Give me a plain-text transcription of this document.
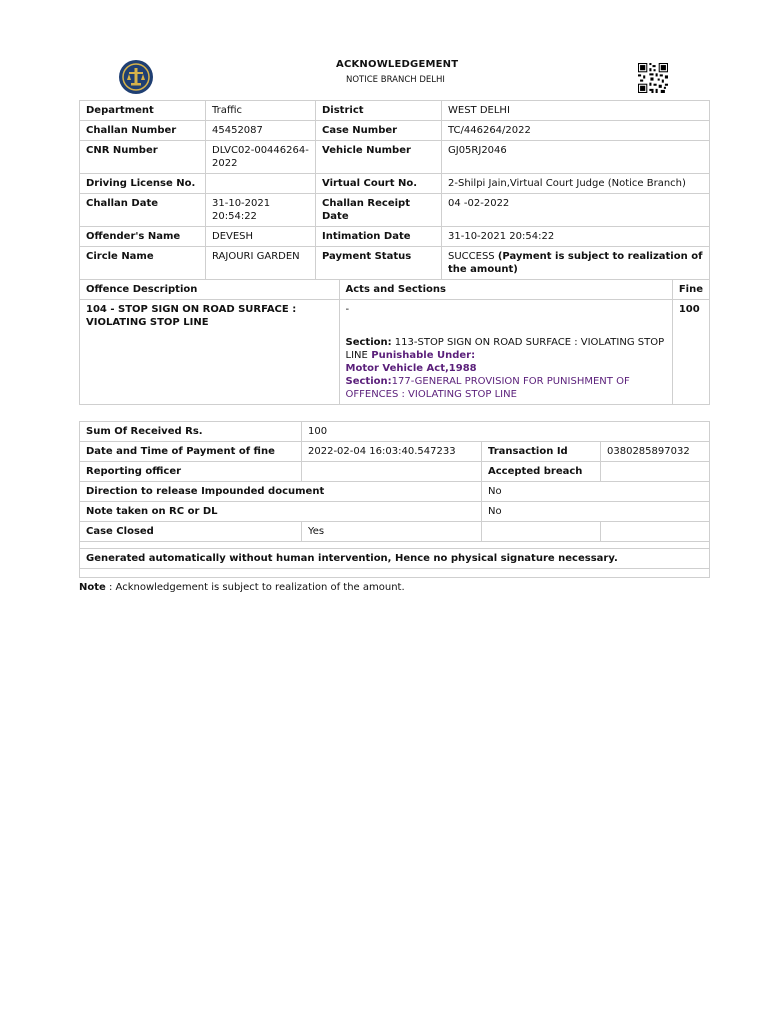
ACKNOWLEDGEMENT
NOTICE BRANCH DELHI
Department	Traffic	District	WEST DELHI
Challan Number	45452087	Case Number	TC/446264/2022
CNR Number	DLVC02-00446264-2022	Vehicle Number	GJ05RJ2046
Driving License No.		Virtual Court No.	2-Shilpi Jain,Virtual Court Judge (Notice Branch)
Challan Date	31-10-2021 20:54:22	Challan Receipt Date	04 -02-2022
Offender's Name	DEVESH	Intimation Date	31-10-2021 20:54:22
Circle Name	RAJOURI GARDEN	Payment Status	SUCCESS (Payment is subject to realization of the amount)
Offence Description	Acts and Sections	Fine
104 - STOP SIGN ON ROAD SURFACE : VIOLATING STOP LINE	-
Section: 113-STOP SIGN ON ROAD SURFACE : VIOLATING STOP LINE Punishable Under:
Motor Vehicle Act,1988
Section:177-GENERAL PROVISION FOR PUNISHMENT OF OFFENCES : VIOLATING STOP LINE	100
Sum Of Received Rs.	100		
Date and Time of Payment of fine	2022-02-04 16:03:40.547233	Transaction Id	038028589703​2
Reporting officer		Accepted breach	
Direction to release Impounded document		No	
Note taken on RC or DL		No	
Case Closed	Yes		

Generated automatically without human intervention, Hence no physical signature necessary.			

Note : Acknowledgement is subject to realization of the amount.
